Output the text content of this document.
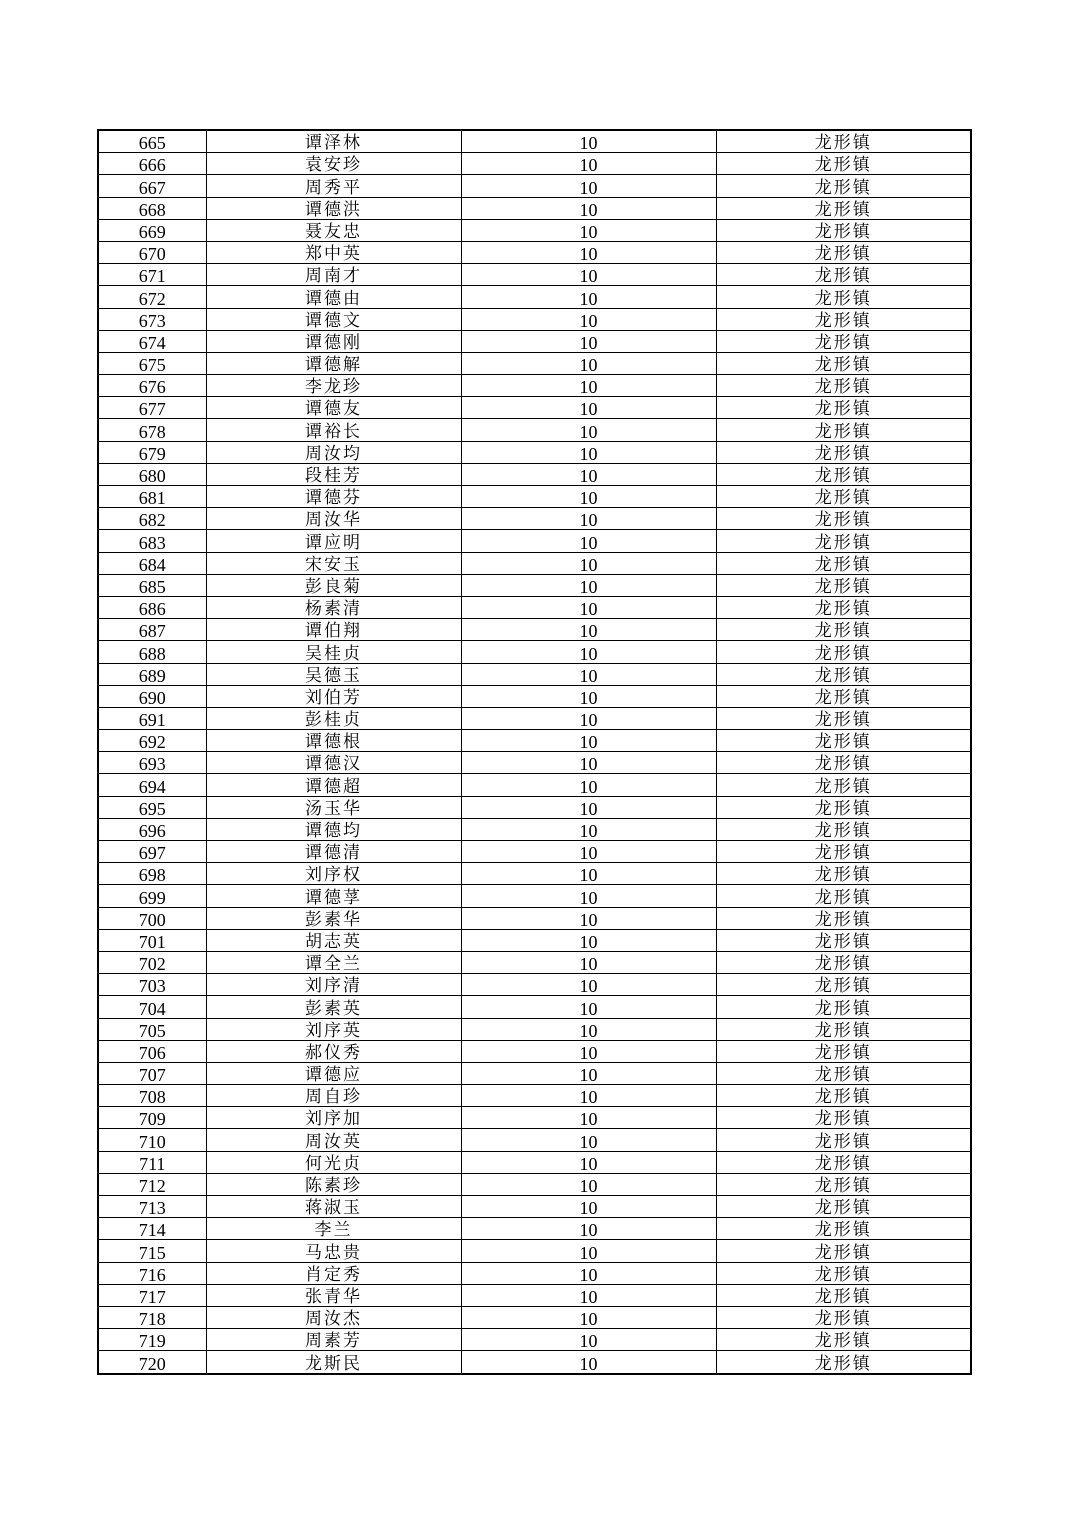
665	谭泽林	10	龙形镇
666	袁安珍	10	龙形镇
667	周秀平	10	龙形镇
668	谭德洪	10	龙形镇
669	聂友忠	10	龙形镇
670	郑中英	10	龙形镇
671	周南才	10	龙形镇
672	谭德由	10	龙形镇
673	谭德文	10	龙形镇
674	谭德刚	10	龙形镇
675	谭德解	10	龙形镇
676	李龙珍	10	龙形镇
677	谭德友	10	龙形镇
678	谭裕长	10	龙形镇
679	周汝均	10	龙形镇
680	段桂芳	10	龙形镇
681	谭德芬	10	龙形镇
682	周汝华	10	龙形镇
683	谭应明	10	龙形镇
684	宋安玉	10	龙形镇
685	彭良菊	10	龙形镇
686	杨素清	10	龙形镇
687	谭伯翔	10	龙形镇
688	吴桂贞	10	龙形镇
689	吴德玉	10	龙形镇
690	刘伯芳	10	龙形镇
691	彭桂贞	10	龙形镇
692	谭德根	10	龙形镇
693	谭德汉	10	龙形镇
694	谭德超	10	龙形镇
695	汤玉华	10	龙形镇
696	谭德均	10	龙形镇
697	谭德清	10	龙形镇
698	刘序权	10	龙形镇
699	谭德莩	10	龙形镇
700	彭素华	10	龙形镇
701	胡志英	10	龙形镇
702	谭全兰	10	龙形镇
703	刘序清	10	龙形镇
704	彭素英	10	龙形镇
705	刘序英	10	龙形镇
706	郝仪秀	10	龙形镇
707	谭德应	10	龙形镇
708	周自珍	10	龙形镇
709	刘序加	10	龙形镇
710	周汝英	10	龙形镇
711	何光贞	10	龙形镇
712	陈素珍	10	龙形镇
713	蒋淑玉	10	龙形镇
714	李兰	10	龙形镇
715	马忠贵	10	龙形镇
716	肖定秀	10	龙形镇
717	张青华	10	龙形镇
718	周汝杰	10	龙形镇
719	周素芳	10	龙形镇
720	龙斯民	10	龙形镇
